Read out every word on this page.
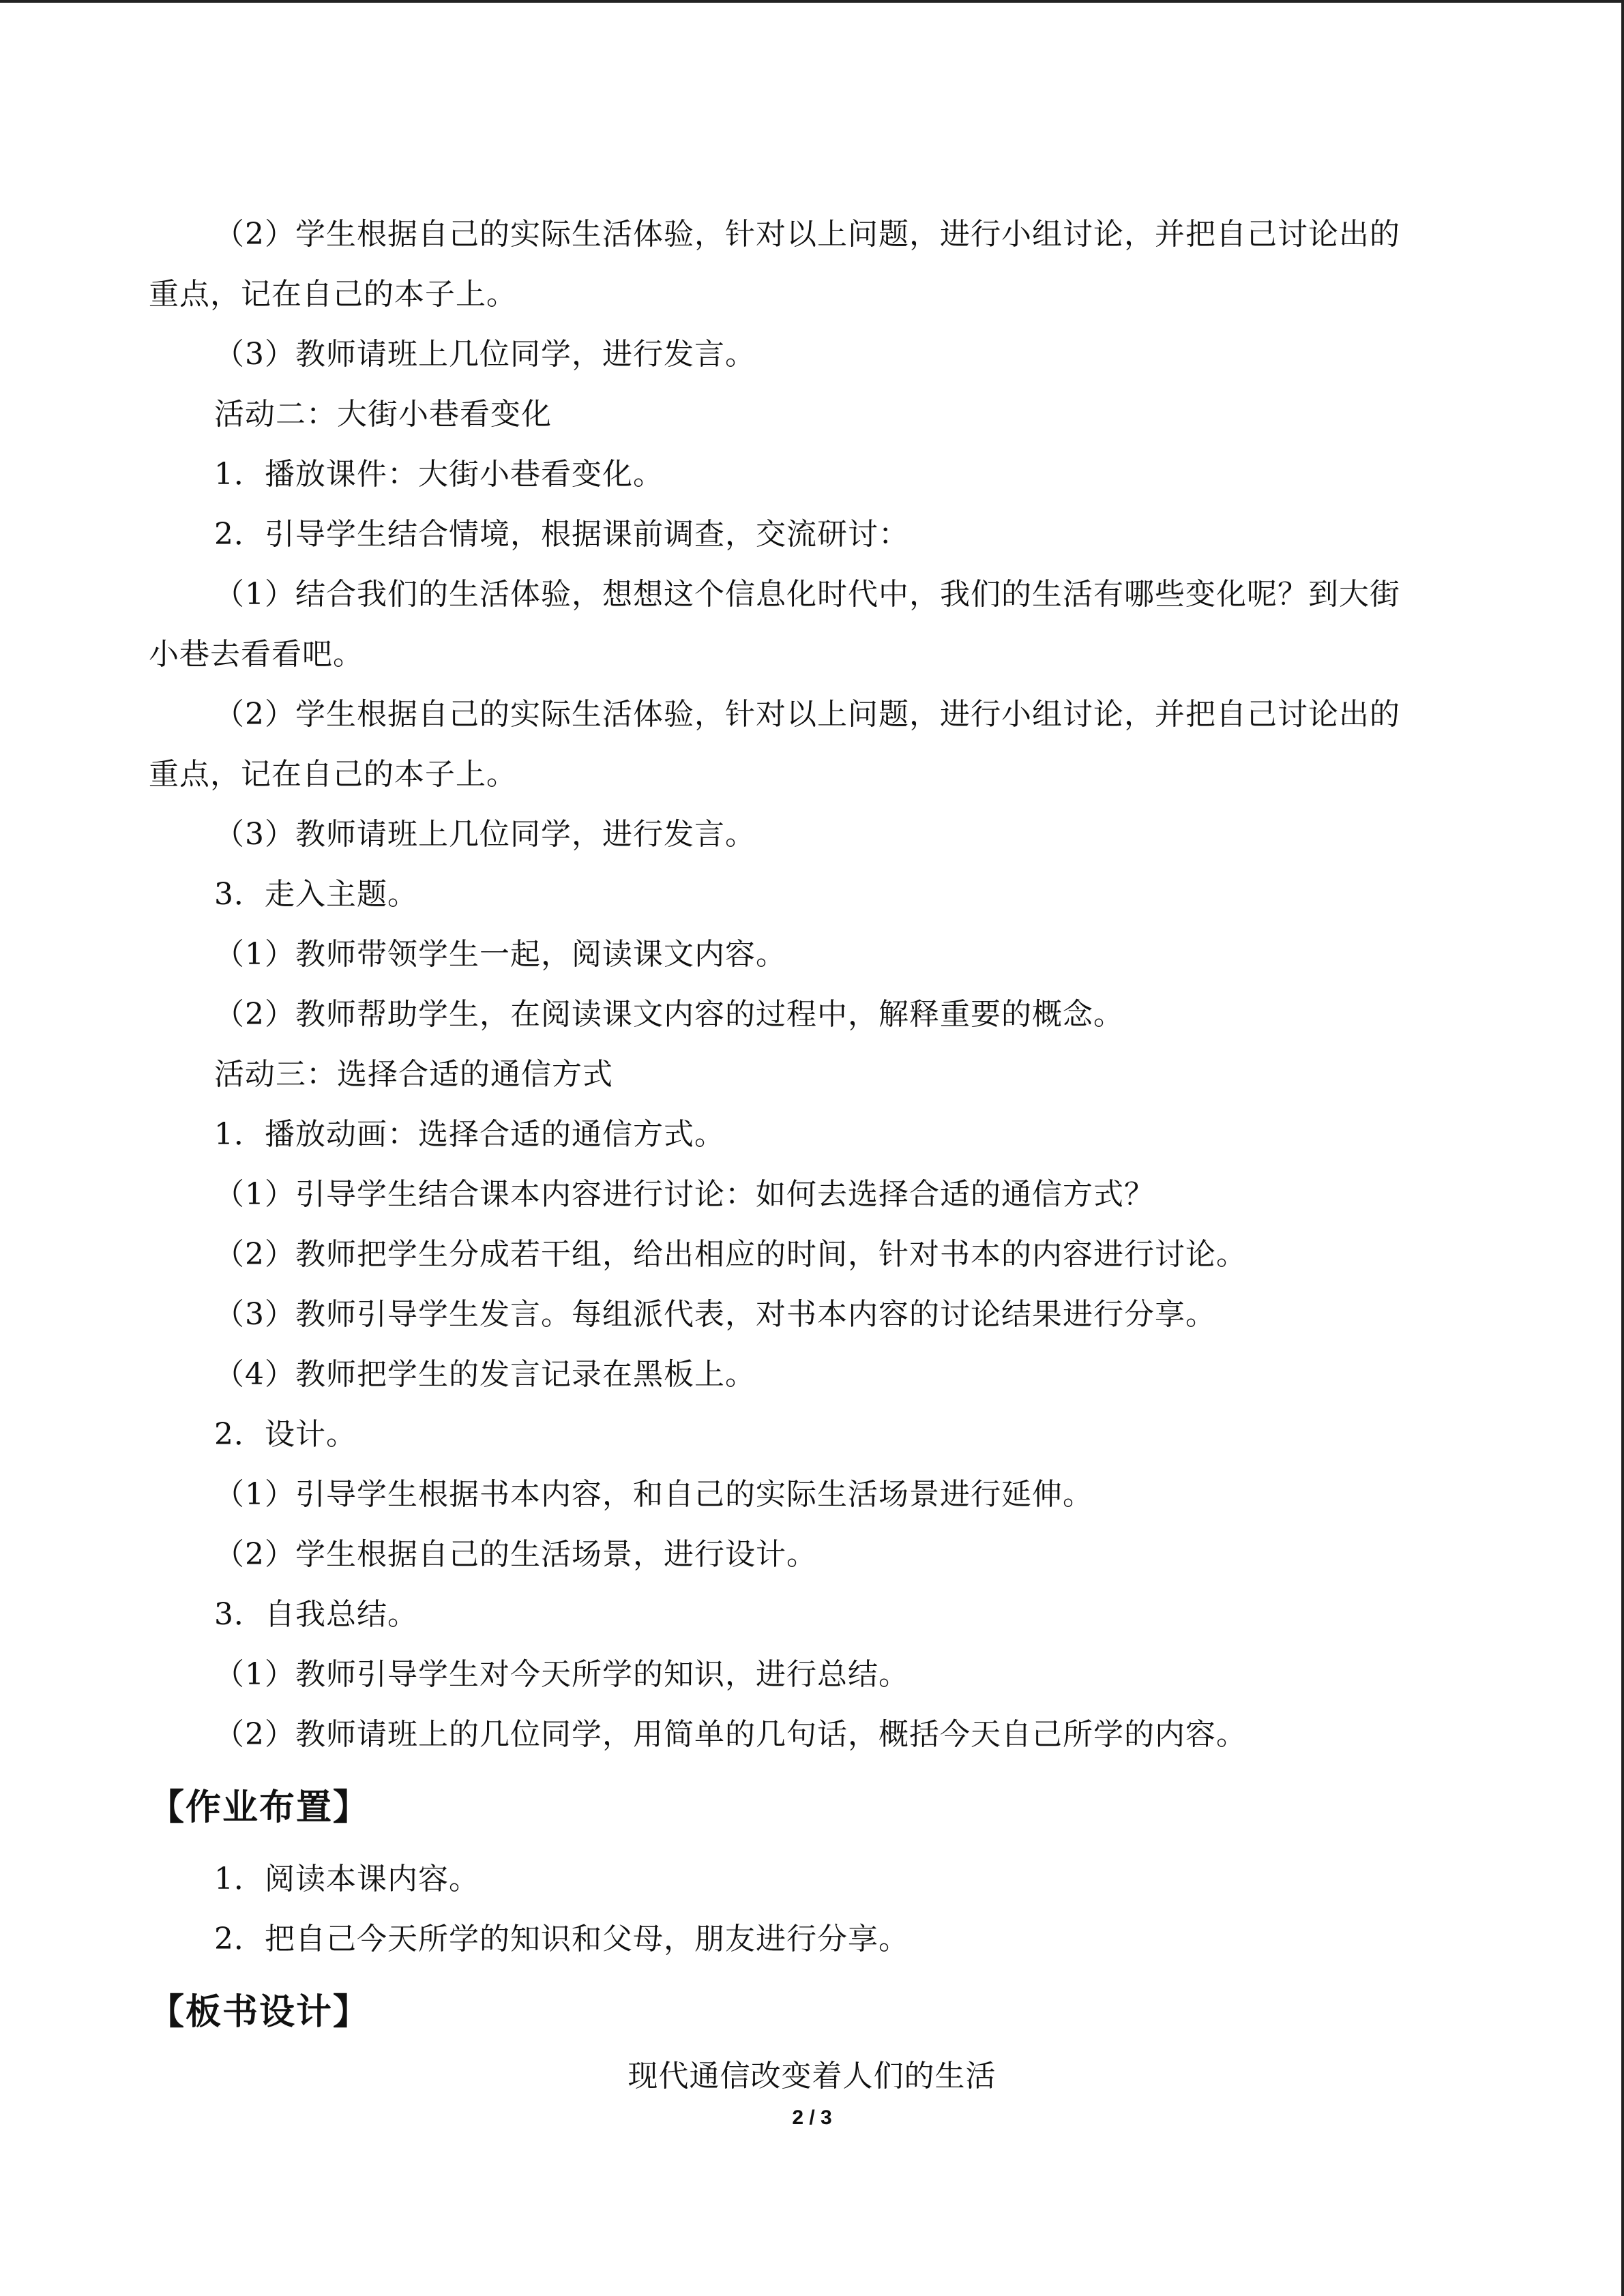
（2）学生根据自己的实际生活体验，针对以上问题，进行小组讨论，并把自己讨论出的
重点，记在自己的本子上。
（3）教师请班上几位同学，进行发言。
活动二：大街小巷看变化
1．播放课件：大街小巷看变化。
2．引导学生结合情境，根据课前调查，交流研讨：
（1）结合我们的生活体验，想想这个信息化时代中，我们的生活有哪些变化呢？到大街
小巷去看看吧。
（2）学生根据自己的实际生活体验，针对以上问题，进行小组讨论，并把自己讨论出的
重点，记在自己的本子上。
（3）教师请班上几位同学，进行发言。
3．走入主题。
（1）教师带领学生一起，阅读课文内容。
（2）教师帮助学生，在阅读课文内容的过程中，解释重要的概念。
活动三：选择合适的通信方式
1．播放动画：选择合适的通信方式。
（1）引导学生结合课本内容进行讨论：如何去选择合适的通信方式？
（2）教师把学生分成若干组，给出相应的时间，针对书本的内容进行讨论。
（3）教师引导学生发言。每组派代表，对书本内容的讨论结果进行分享。
（4）教师把学生的发言记录在黑板上。
2．设计。
（1）引导学生根据书本内容，和自己的实际生活场景进行延伸。
（2）学生根据自己的生活场景，进行设计。
3．自我总结。
（1）教师引导学生对今天所学的知识，进行总结。
（2）教师请班上的几位同学，用简单的几句话，概括今天自己所学的内容。
【作业布置】
1．阅读本课内容。
2．把自己今天所学的知识和父母，朋友进行分享。
【板书设计】
现代通信改变着人们的生活
2 / 3
